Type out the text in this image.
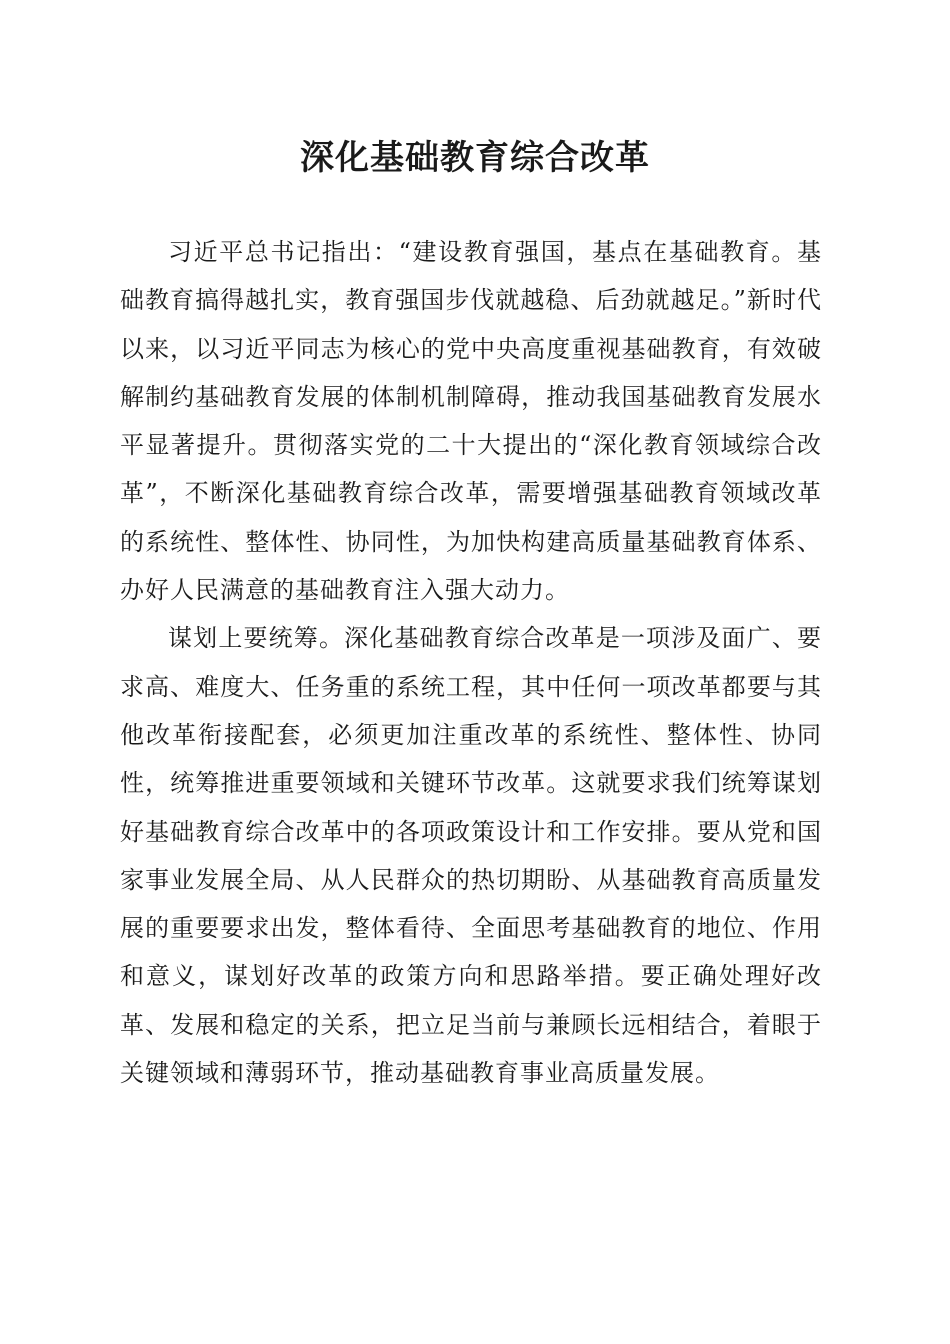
深化基础教育综合改革

习近平总书记指出：“建设教育强国，基点在基础教育。基础教育搞得越扎实，教育强国步伐就越稳、后劲就越足。”新时代以来，以习近平同志为核心的党中央高度重视基础教育，有效破解制约基础教育发展的体制机制障碍，推动我国基础教育发展水平显著提升。贯彻落实党的二十大提出的“深化教育领域综合改革”，不断深化基础教育综合改革，需要增强基础教育领域改革的系统性、整体性、协同性，为加快构建高质量基础教育体系、办好人民满意的基础教育注入强大动力。

谋划上要统筹。深化基础教育综合改革是一项涉及面广、要求高、难度大、任务重的系统工程，其中任何一项改革都要与其他改革衔接配套，必须更加注重改革的系统性、整体性、协同性，统筹推进重要领域和关键环节改革。这就要求我们统筹谋划好基础教育综合改革中的各项政策设计和工作安排。要从党和国家事业发展全局、从人民群众的热切期盼、从基础教育高质量发展的重要要求出发，整体看待、全面思考基础教育的地位、作用和意义，谋划好改革的政策方向和思路举措。要正确处理好改革、发展和稳定的关系，把立足当前与兼顾长远相结合，着眼于关键领域和薄弱环节，推动基础教育事业高质量发展。
